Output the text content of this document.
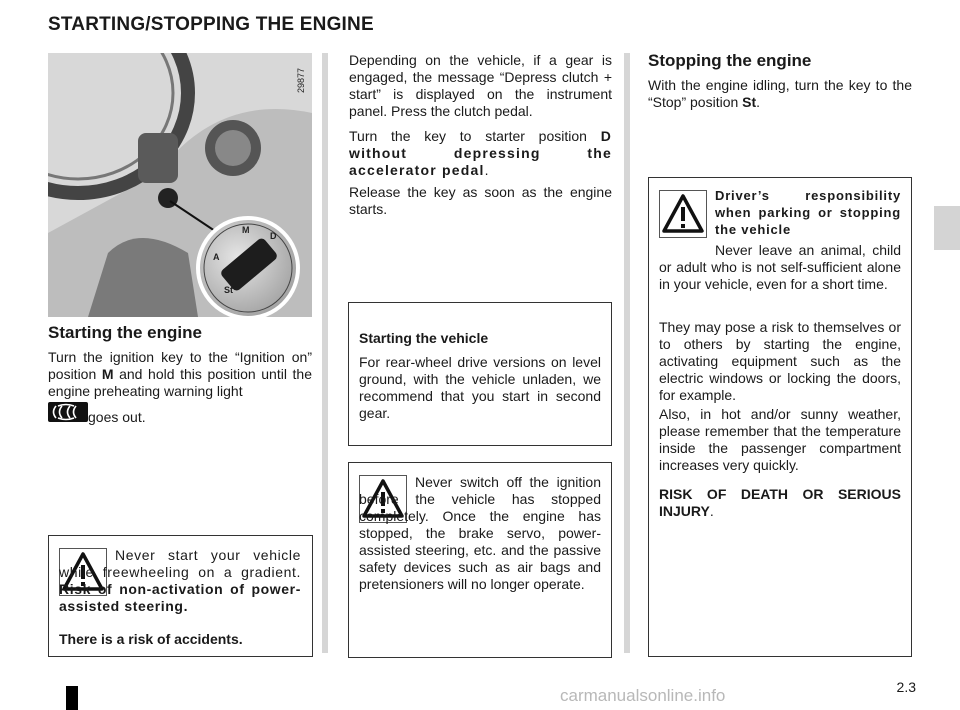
STARTING/STOPPING THE ENGINE
M
D
A
St
29877
Starting the engine

Turn the ignition key to the “Ignition on” position M and hold this position until the engine preheating warning light

goes out.

Never start your vehicle while freewheeling on a gradient. Risk of non-activation of power-assisted steering.

There is a risk of accidents.

Depending on the vehicle, if a gear is engaged, the message “Depress clutch + start” is displayed on the instrument panel. Press the clutch pedal.

Turn the key to starter position D without depressing the accelerator pedal.

Release the key as soon as the engine starts.

Starting the vehicle

For rear-wheel drive versions on level ground, with the vehicle unladen, we recommend that you start in second gear.

Never switch off the ignition before the vehicle has stopped completely. Once the engine has stopped, the brake servo, power-assisted steering, etc. and the passive safety devices such as air bags and pretensioners will no longer operate.

Stopping the engine

With the engine idling, turn the key to the “Stop” position St.

Driver’s responsibility when parking or stopping the vehicle

Never leave an animal, child or adult who is not self-sufficient alone in your vehicle, even for a short time.

They may pose a risk to themselves or to others by starting the engine, activating equipment such as the electric windows or locking the doors, for example.

Also, in hot and/or sunny weather, please remember that the temperature inside the passenger compartment increases very quickly.

RISK OF DEATH OR SERIOUS INJURY.

2.3
carmanualsonline.info
